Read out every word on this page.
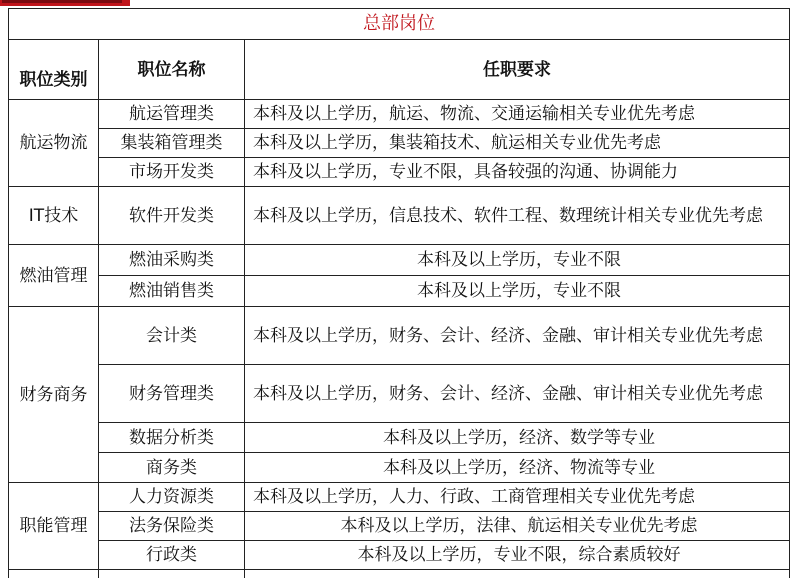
总部岗位		
职位类别	职位名称	任职要求
航运物流	航运管理类	本科及以上学历，航运、物流、交通运输相关专业优先考虑
	集装箱管理类	本科及以上学历，集装箱技术、航运相关专业优先考虑
	市场开发类	本科及以上学历，专业不限，具备较强的沟通、协调能力
IT技术	软件开发类	本科及以上学历，信息技术、软件工程、数理统计相关专业优先考虑
燃油管理	燃油采购类	本科及以上学历，专业不限
	燃油销售类	本科及以上学历，专业不限
财务商务	会计类	本科及以上学历，财务、会计、经济、金融、审计相关专业优先考虑
	财务管理类	本科及以上学历，财务、会计、经济、金融、审计相关专业优先考虑
	数据分析类	本科及以上学历，经济、数学等专业
	商务类	本科及以上学历，经济、物流等专业
职能管理	人力资源类	本科及以上学历，人力、行政、工商管理相关专业优先考虑
	法务保险类	本科及以上学历，法律、航运相关专业优先考虑
	行政类	本科及以上学历，专业不限，综合素质较好
